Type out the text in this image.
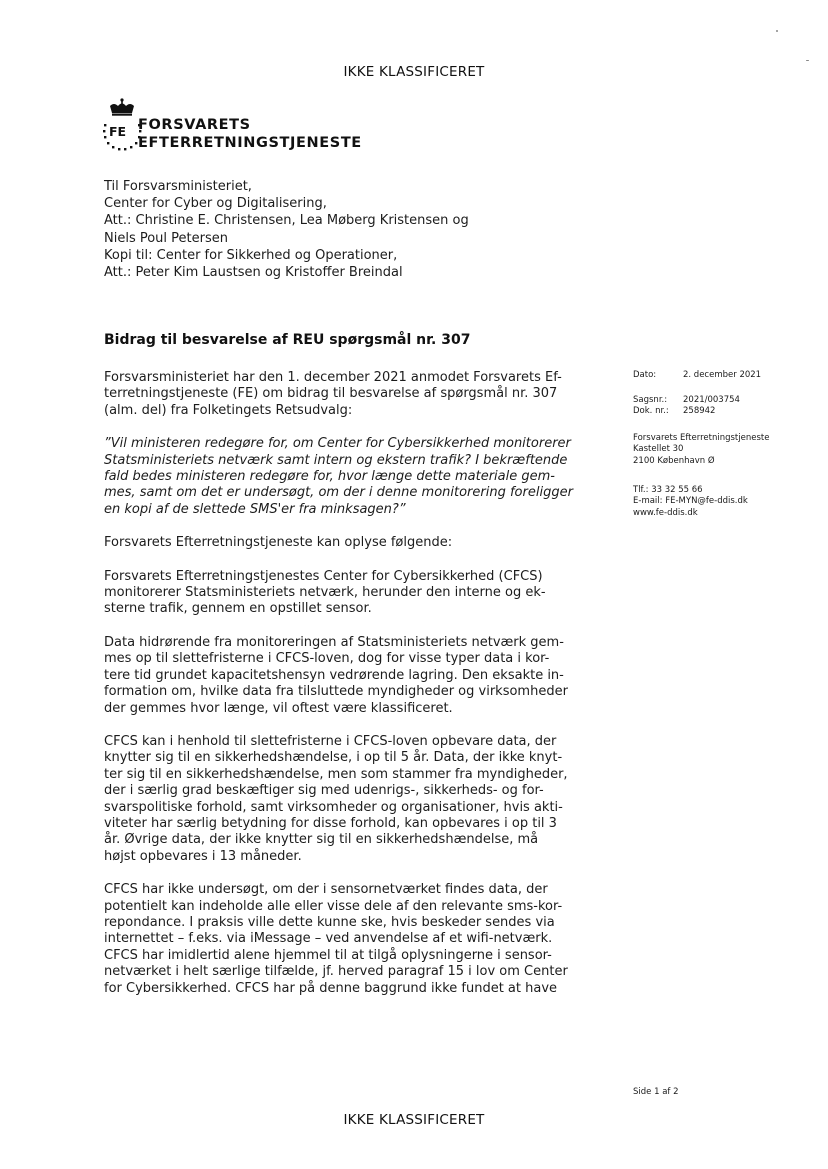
IKKE KLASSIFICERET
FE FORSVARETS
EFTERRETNINGSTJENESTE
Til Forsvarsministeriet,
Center for Cyber og Digitalisering,
Att.: Christine E. Christensen, Lea Møberg Kristensen og
Niels Poul Petersen
Kopi til: Center for Sikkerhed og Operationer,
Att.: Peter Kim Laustsen og Kristoffer Breindal
Bidrag til besvarelse af REU spørgsmål nr. 307

Forsvarsministeriet har den 1. december 2021 anmodet Forsvarets Ef-
terretningstjeneste (FE) om bidrag til besvarelse af spørgsmål nr. 307
(alm. del) fra Folketingets Retsudvalg:

”Vil ministeren redegøre for, om Center for Cybersikkerhed monitorerer
Statsministeriets netværk samt intern og ekstern trafik? I bekræftende
fald bedes ministeren redegøre for, hvor længe dette materiale gem-
mes, samt om det er undersøgt, om der i denne monitorering foreligger
en kopi af de slettede SMS'er fra minksagen?”

Forsvarets Efterretningstjeneste kan oplyse følgende:

Forsvarets Efterretningstjenestes Center for Cybersikkerhed (CFCS)
monitorerer Statsministeriets netværk, herunder den interne og ek-
sterne trafik, gennem en opstillet sensor.

Data hidrørende fra monitoreringen af Statsministeriets netværk gem-
mes op til slettefristerne i CFCS-loven, dog for visse typer data i kor-
tere tid grundet kapacitetshensyn vedrørende lagring. Den eksakte in-
formation om, hvilke data fra tilsluttede myndigheder og virksomheder
der gemmes hvor længe, vil oftest være klassificeret.

CFCS kan i henhold til slettefristerne i CFCS-loven opbevare data, der
knytter sig til en sikkerhedshændelse, i op til 5 år. Data, der ikke knyt-
ter sig til en sikkerhedshændelse, men som stammer fra myndigheder,
der i særlig grad beskæftiger sig med udenrigs-, sikkerheds- og for-
svarspolitiske forhold, samt virksomheder og organisationer, hvis akti-
viteter har særlig betydning for disse forhold, kan opbevares i op til 3
år. Øvrige data, der ikke knytter sig til en sikkerhedshændelse, må
højst opbevares i 13 måneder.

CFCS har ikke undersøgt, om der i sensornetværket findes data, der
potentielt kan indeholde alle eller visse dele af den relevante sms-kor-
repondance. I praksis ville dette kunne ske, hvis beskeder sendes via
internettet – f.eks. via iMessage – ved anvendelse af et wifi-netværk.
CFCS har imidlertid alene hjemmel til at tilgå oplysningerne i sensor-
netværket i helt særlige tilfælde, jf. herved paragraf 15 i lov om Center
for Cybersikkerhed. CFCS har på denne baggrund ikke fundet at have

Dato:	2. december 2021
Sagsnr.:	2021/003754
Dok. nr.:	258942
Forsvarets Efterretningstjeneste
Kastellet 30
2100 København Ø
Tlf.: 33 32 55 66
E-mail: FE-MYN@fe-ddis.dk
www.fe-ddis.dk
Side 1 af 2
IKKE KLASSIFICERET
